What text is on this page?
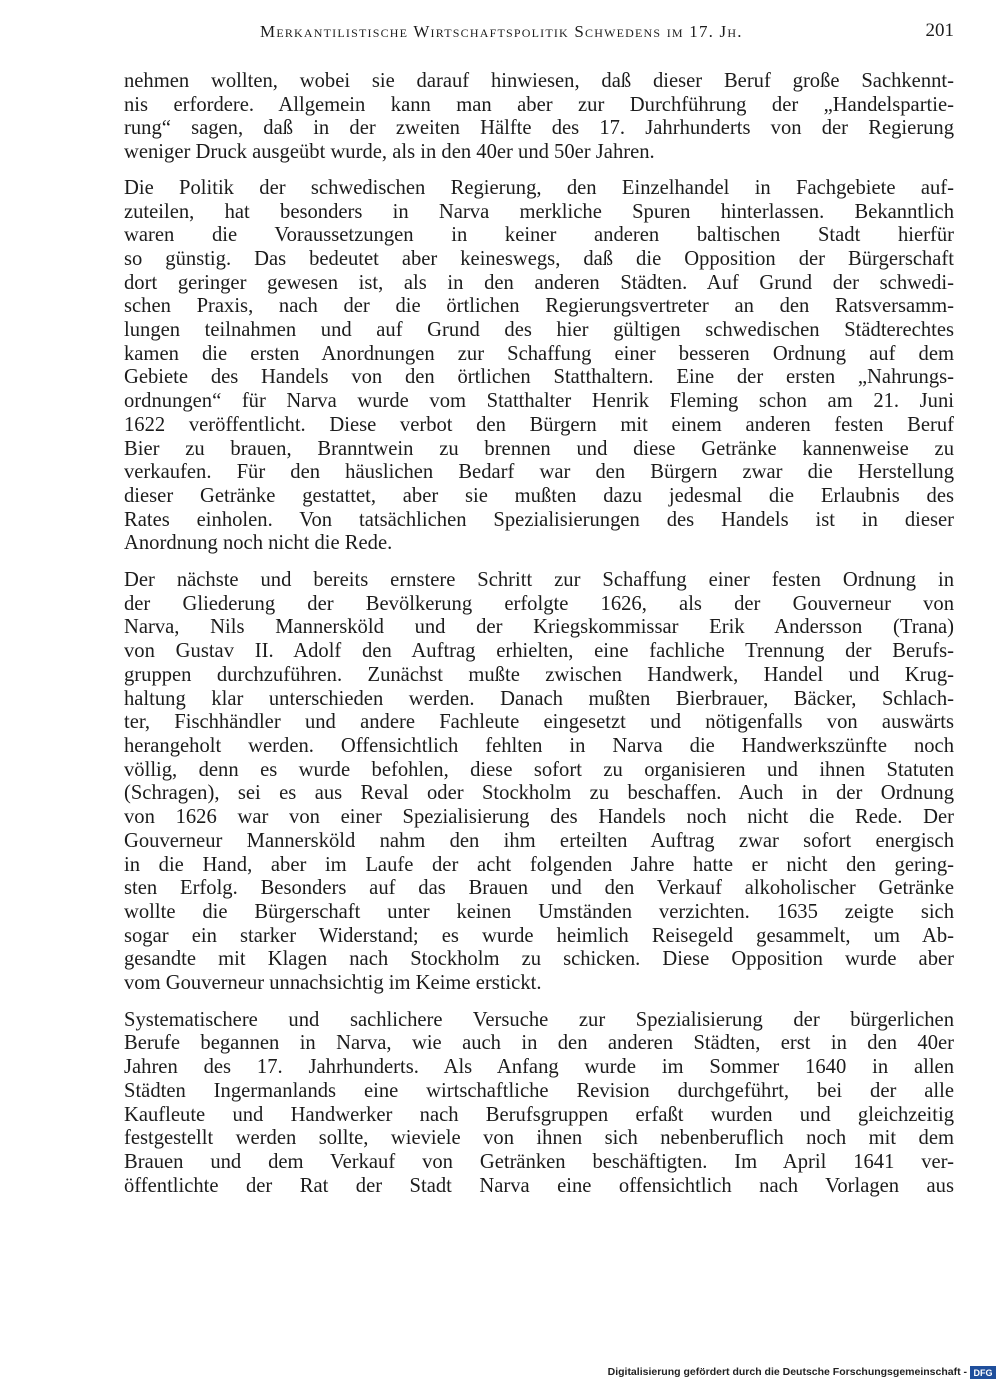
Merkantilistische Wirtschaftspolitik Schwedens im 17. Jh.	201

nehmen wollten, wobei sie darauf hinwiesen, daß dieser Beruf große Sachkennt-
nis erfordere. Allgemein kann man aber zur Durchführung der „Handelspartie-
rung“ sagen, daß in der zweiten Hälfte des 17. Jahrhunderts von der Regierung
weniger Druck ausgeübt wurde, als in den 40er und 50er Jahren.

Die Politik der schwedischen Regierung, den Einzelhandel in Fachgebiete auf-
zuteilen, hat besonders in Narva merkliche Spuren hinterlassen. Bekanntlich
waren die Voraussetzungen in keiner anderen baltischen Stadt hierfür
so günstig. Das bedeutet aber keineswegs, daß die Opposition der Bürgerschaft
dort geringer gewesen ist, als in den anderen Städten. Auf Grund der schwedi-
schen Praxis, nach der die örtlichen Regierungsvertreter an den Ratsversamm-
lungen teilnahmen und auf Grund des hier gültigen schwedischen Städterechtes
kamen die ersten Anordnungen zur Schaffung einer besseren Ordnung auf dem
Gebiete des Handels von den örtlichen Statthaltern. Eine der ersten „Nahrungs-
ordnungen“ für Narva wurde vom Statthalter Henrik Fleming schon am 21. Juni
1622 veröffentlicht. Diese verbot den Bürgern mit einem anderen festen Beruf
Bier zu brauen, Branntwein zu brennen und diese Getränke kannenweise zu
verkaufen. Für den häuslichen Bedarf war den Bürgern zwar die Herstellung
dieser Getränke gestattet, aber sie mußten dazu jedesmal die Erlaubnis des
Rates einholen. Von tatsächlichen Spezialisierungen des Handels ist in dieser
Anordnung noch nicht die Rede.

Der nächste und bereits ernstere Schritt zur Schaffung einer festen Ordnung in
der Gliederung der Bevölkerung erfolgte 1626, als der Gouverneur von
Narva, Nils Mannersköld und der Kriegskommissar Erik Andersson (Trana)
von Gustav II. Adolf den Auftrag erhielten, eine fachliche Trennung der Berufs-
gruppen durchzuführen. Zunächst mußte zwischen Handwerk, Handel und Krug-
haltung klar unterschieden werden. Danach mußten Bierbrauer, Bäcker, Schlach-
ter, Fischhändler und andere Fachleute eingesetzt und nötigenfalls von auswärts
herangeholt werden. Offensichtlich fehlten in Narva die Handwerkszünfte noch
völlig, denn es wurde befohlen, diese sofort zu organisieren und ihnen Statuten
(Schragen), sei es aus Reval oder Stockholm zu beschaffen. Auch in der Ordnung
von 1626 war von einer Spezialisierung des Handels noch nicht die Rede. Der
Gouverneur Mannersköld nahm den ihm erteilten Auftrag zwar sofort energisch
in die Hand, aber im Laufe der acht folgenden Jahre hatte er nicht den gering-
sten Erfolg. Besonders auf das Brauen und den Verkauf alkoholischer Getränke
wollte die Bürgerschaft unter keinen Umständen verzichten. 1635 zeigte sich
sogar ein starker Widerstand; es wurde heimlich Reisegeld gesammelt, um Ab-
gesandte mit Klagen nach Stockholm zu schicken. Diese Opposition wurde aber
vom Gouverneur unnachsichtig im Keime erstickt.

Systematischere und sachlichere Versuche zur Spezialisierung der bürgerlichen
Berufe begannen in Narva, wie auch in den anderen Städten, erst in den 40er
Jahren des 17. Jahrhunderts. Als Anfang wurde im Sommer 1640 in allen
Städten Ingermanlands eine wirtschaftliche Revision durchgeführt, bei der alle
Kaufleute und Handwerker nach Berufsgruppen erfaßt wurden und gleichzeitig
festgestellt werden sollte, wieviele von ihnen sich nebenberuflich noch mit dem
Brauen und dem Verkauf von Getränken beschäftigten. Im April 1641 ver-
öffentlichte der Rat der Stadt Narva eine offensichtlich nach Vorlagen aus

Digitalisierung gefördert durch die Deutsche Forschungsgemeinschaft - DFG
